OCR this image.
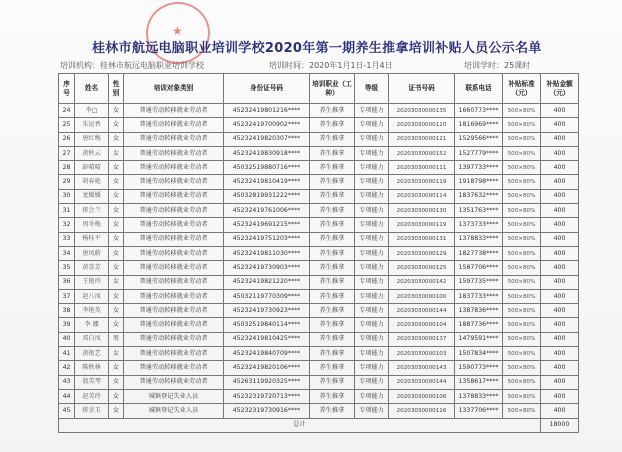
★
桂林市航远电脑职业培训学校2020年第一期养生推拿培训补贴人员公示名单
培训机构：桂林市航远电脑职业培训学校	培训时间：2020年1月1日-1月4日	培训学时：25课时
序号	姓名	性别	培训对象类别	身份证号码	培训职业（工种）	等级	证书号码	联系电话	补贴标准（元）	补贴金额（元）
24	李□	女	普通劳动转移就业劳动者	45232419801216****	养生推拿	专项能力	20203030000135	1660773****	500×80%	400
25	朱运香	女	普通劳动转移就业劳动者	45232419700902****	养生推拿	专项能力	20203030000120	1816969****	500×80%	400
26	唐红梅	女	普通劳动转移就业劳动者	45232419820307****	养生推拿	专项能力	20203030000121	1529566****	500×80%	400
27	黄秋云	女	普通劳动转移就业劳动者	45232419830918****	养生推拿	专项能力	20203030000152	1527779****	500×80%	400
28	彭晴晴	女	普通劳动转移就业劳动者	45032519880716****	养生推拿	专项能力	20203030000111	1397733****	500×80%	400
29	胡春艳	女	普通劳动转移就业劳动者	45232419810419****	养生推拿	专项能力	20203030000119	1918798****	500×80%	400
30	龙媛媛	女	普通劳动转移就业劳动者	45032819931222****	养生推拿	专项能力	20203030000114	1837632****	500×80%	400
31	蒋会兰	女	普通劳动转移就业劳动者	45232419761006****	养生推拿	专项能力	20203030000130	1351763****	500×80%	400
32	周冬梅	女	普通劳动转移就业劳动者	45232419691215****	养生推拿	专项能力	20203030000119	1373733****	500×80%	400
33	杨桂平	女	普通劳动转移就业劳动者	45232419751203****	养生推拿	专项能力	20203030000131	1378833****	500×80%	400
34	唐凤蔚	女	普通劳动转移就业劳动者	45232419811030****	养生推拿	专项能力	20203030000129	1827738****	500×80%	400
35	黄喜芳	女	普通劳动转移就业劳动者	45232419730903****	养生推拿	专项能力	20203030000125	1587706****	500×80%	400
36	王艳玲	女	普通劳动转移就业劳动者	45232419821220****	养生推拿	专项能力	20203030000142	1597735****	500×80%	400
37	赵八凤	女	普通劳动转移就业劳动者	45032119770309****	养生推拿	专项能力	20203030000100	1837733****	500×80%	400
38	李艳英	女	普通劳动转移就业劳动者	45232419730923****	养生推拿	专项能力	20203030000144	1387836****	500×80%	400
39	李 娜	女	普通劳动转移就业劳动者	45032519840114****	养生推拿	专项能力	20203030000104	1887736****	500×80%	400
40	邓白凤	男	普通劳动转移就业劳动者	45232419810425****	养生推拿	专项能力	20203030000137	1479591****	500×80%	400
41	黄艳艺	女	普通劳动转移就业劳动者	45232419840709****	养生推拿	专项能力	20203030000103	1507834****	500×80%	400
42	陈秋林	女	普通劳动转移就业劳动者	45232419820106****	养生推拿	专项能力	20203030000143	1590773****	500×80%	400
43	敖美琴	女	普通劳动转移就业劳动者	45263119920325****	养生推拿	专项能力	20203030000144	1358617****	500×80%	400
44	赵美玲	女	城镇登记失业人员	45232319720713****	养生推拿	专项能力	20203030000106	1378833****	500×80%	400
45	蒋幸玉	女	城镇登记失业人员	45232319730916****	养生推拿	专项能力	20203030000116	1337706****	500×80%	400
总计										18000
